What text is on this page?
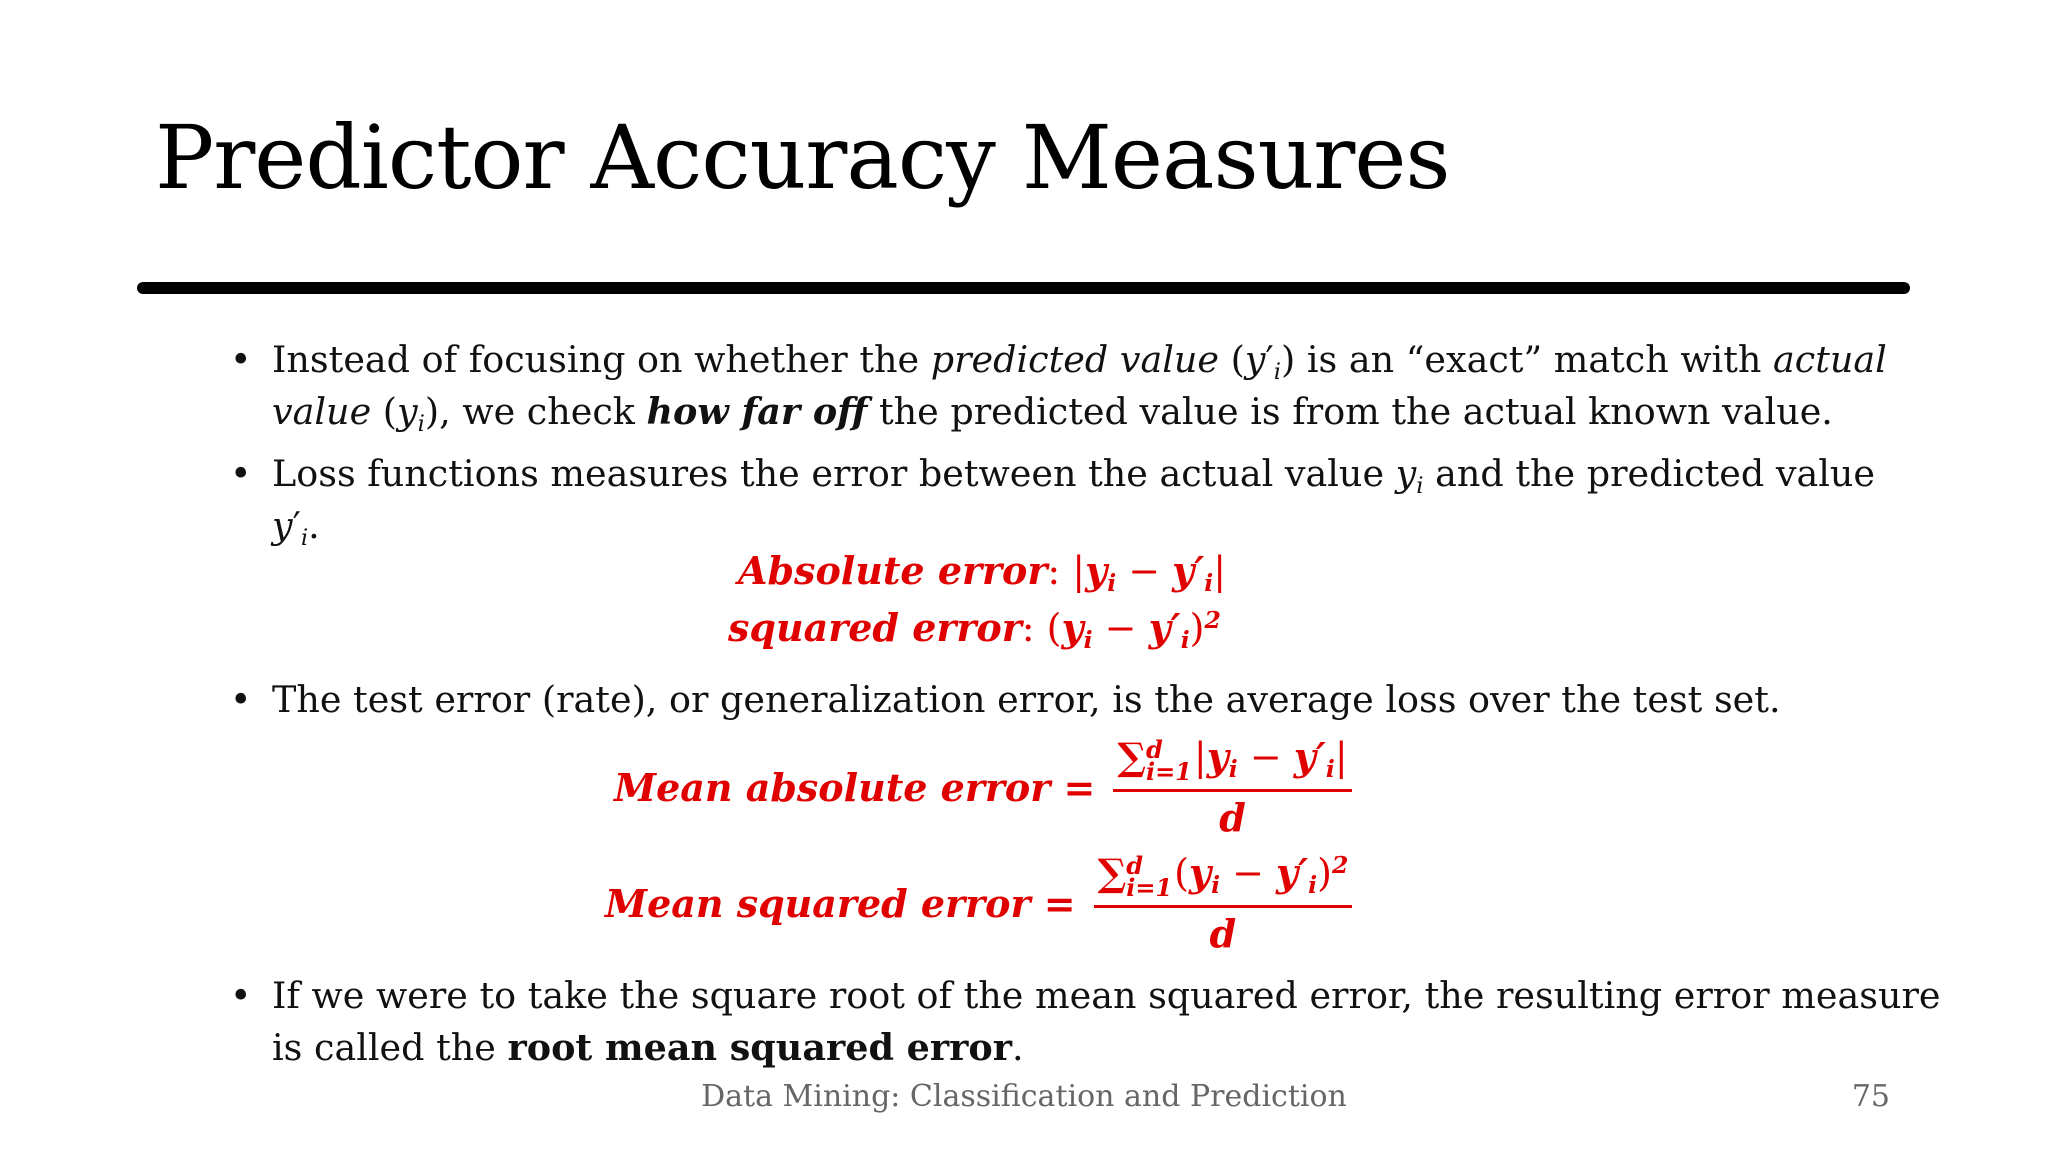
Predictor Accuracy Measures
• Instead of focusing on whether the predicted value $(y'_i)$ is an “exact” match with actual
value $(y_i)$, we check how far off the predicted value is from the actual known value.
• Loss functions measures the error between the actual value $y_i$ and the predicted value
$y'_i$.
Absolute error: $|y_i - y'_i|$
squared error: $(y_i - y'_i)^2$
• The test error (rate), or generalization error, is the average loss over the test set.
Mean absolute error = ∑ d
i=1 $|y_i - y'_i|$
d
Mean squared error = ∑ d
i=1 $(y_i - y'_i)^2$
d
• If we were to take the square root of the mean squared error, the resulting error measure
is called the root mean squared error.
Data Mining: Classification and Prediction	75
